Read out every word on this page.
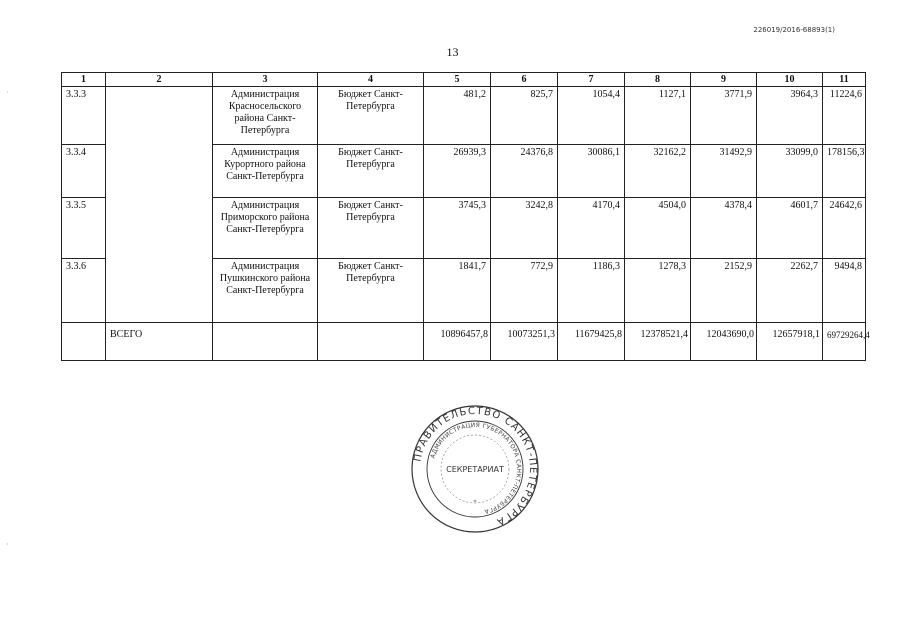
226019/2016-68893(1)
13
·
·
1	2	3	4	5	6	7	8	9	10	11
3.3.3		Администрация Красносельского района Санкт-Петербурга	Бюджет Санкт-Петербурга	481,2	825,7	1054,4	1127,1	3771,9	3964,3	11224,6
3.3.4		Администрация Курортного района Санкт-Петербурга	Бюджет Санкт-Петербурга	26939,3	24376,8	30086,1	32162,2	31492,9	33099,0	178156,3
3.3.5		Администрация Приморского района Санкт-Петербурга	Бюджет Санкт-Петербурга	3745,3	3242,8	4170,4	4504,0	4378,4	4601,7	24642,6
3.3.6		Администрация Пушкинского района Санкт-Петербурга	Бюджет Санкт-Петербурга	1841,7	772,9	1186,3	1278,3	2152,9	2262,7	9494,8
	ВСЕГО			10896457,8	10073251,3	11679425,8	12378521,4	12043690,0	12657918,1	69729264,4
ПРАВИТЕЛЬСТВО САНКТ-ПЕТЕРБУРГА
АДМИНИСТРАЦИЯ ГУБЕРНАТОРА САНКТ-ПЕТЕРБУРГА
СЕКРЕТАРИАТ
*
